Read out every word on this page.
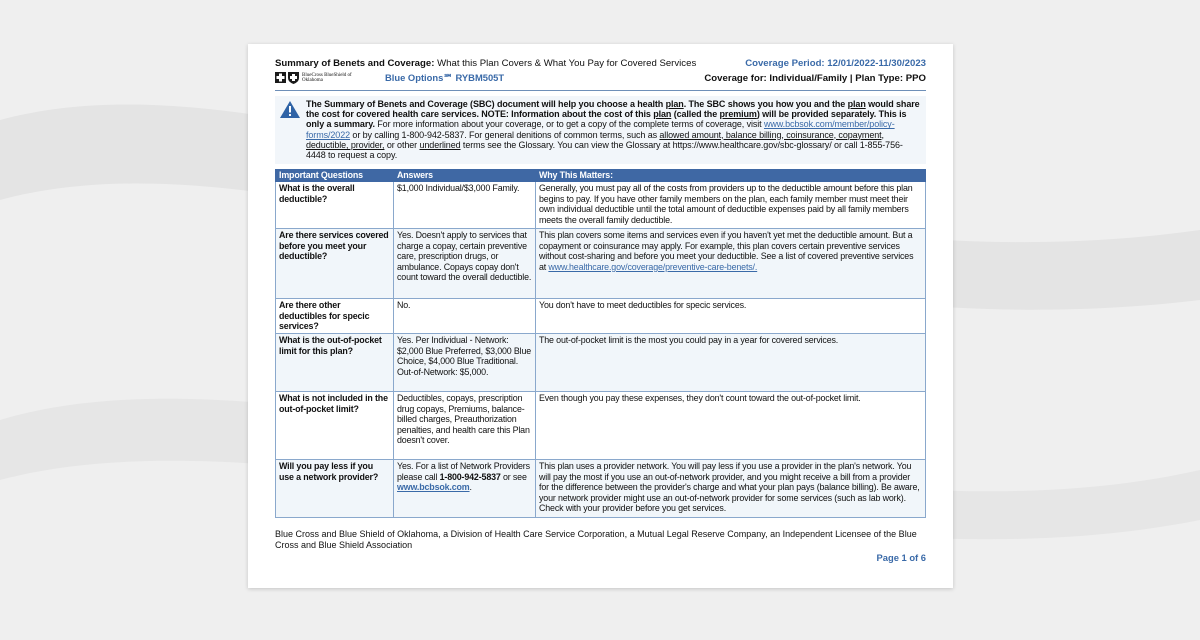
Summary of Benets and Coverage: What this Plan Covers & What You Pay for Covered Services	Coverage Period: 12/01/2022-11/30/2023
BlueCross BlueShield of Oklahoma	Blue Options℠ RYBM505T	Coverage for: Individual/Family | Plan Type: PPO
The Summary of Benets and Coverage (SBC) document will help you choose a health plan. The SBC shows you how you and the plan would share the cost for covered health care services. NOTE: Information about the cost of this plan (called the premium) will be provided separately. This is only a summary. For more information about your coverage, or to get a copy of the complete terms of coverage, visit www.bcbsok.com/member/policy-forms/2022 or by calling 1-800-942-5837. For general denitions of common terms, such as allowed amount, balance billing, coinsurance, copayment, deductible, provider, or other underlined terms see the Glossary. You can view the Glossary at https://www.healthcare.gov/sbc-glossary/ or call 1-855-756-4448 to request a copy.
Important Questions	Answers	Why This Matters:
What is the overall deductible?	$1,000 Individual/$3,000 Family.	Generally, you must pay all of the costs from providers up to the deductible amount before this plan begins to pay. If you have other family members on the plan, each family member must meet their own individual deductible until the total amount of deductible expenses paid by all family members meets the overall family deductible.
Are there services covered before you meet your deductible?	Yes. Doesn't apply to services that charge a copay, certain preventive care, prescription drugs, or ambulance. Copays copay don't count toward the overall deductible.	This plan covers some items and services even if you haven't yet met the deductible amount. But a copayment or coinsurance may apply. For example, this plan covers certain preventive services without cost-sharing and before you meet your deductible. See a list of covered preventive services at www.healthcare.gov/coverage/preventive-care-benets/.
Are there other deductibles for specic services?	No.	You don't have to meet deductibles for specic services.
What is the out-of-pocket limit for this plan?	Yes. Per Individual - Network: $2,000 Blue Preferred, $3,000 Blue Choice, $4,000 Blue Traditional. Out-of-Network: $5,000.	The out-of-pocket limit is the most you could pay in a year for covered services.
What is not included in the out-of-pocket limit?	Deductibles, copays, prescription drug copays, Premiums, balance-billed charges, Preauthorization penalties, and health care this Plan doesn't cover.	Even though you pay these expenses, they don't count toward the out-of-pocket limit.
Will you pay less if you use a network provider?	Yes. For a list of Network Providers please call 1-800-942-5837 or see www.bcbsok.com.	This plan uses a provider network. You will pay less if you use a provider in the plan's network. You will pay the most if you use an out-of-network provider, and you might receive a bill from a provider for the difference between the provider's charge and what your plan pays (balance billing). Be aware, your network provider might use an out-of-network provider for some services (such as lab work). Check with your provider before you get services.
Blue Cross and Blue Shield of Oklahoma, a Division of Health Care Service Corporation, a Mutual Legal Reserve Company, an Independent Licensee of the Blue Cross and Blue Shield Association
Page 1 of 6
